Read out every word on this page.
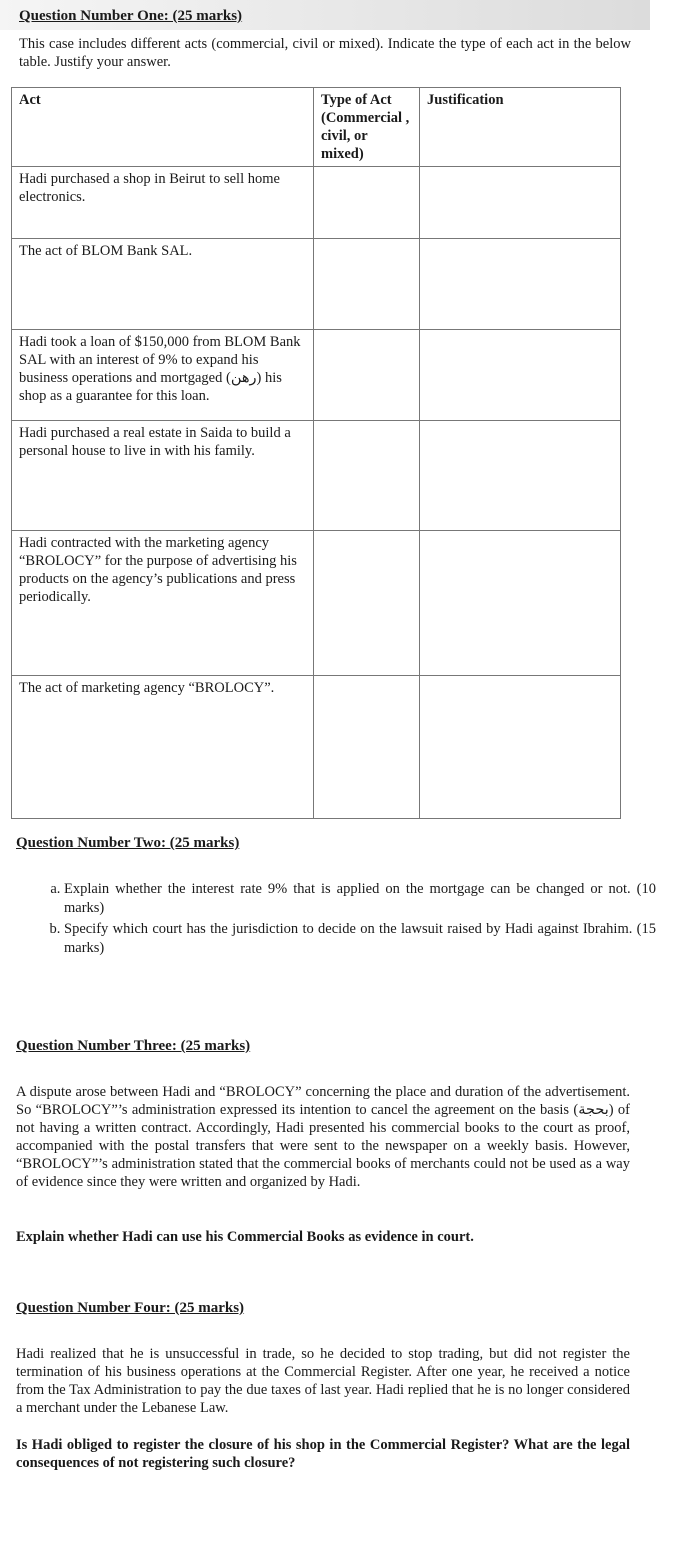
Question Number One: (25 marks)

This case includes different acts (commercial, civil or mixed). Indicate the type of each act in the below table. Justify your answer.

Act	Type of Act (Commercial , civil, or mixed)	Justification
Hadi purchased a shop in Beirut to sell home electronics.		
The act of BLOM Bank SAL.		
Hadi took a loan of $150,000 from BLOM Bank SAL with an interest of 9% to expand his business operations and mortgaged (رهن) his shop as a guarantee for this loan.		
Hadi purchased a real estate in Saida to build a personal house to live in with his family.		
Hadi contracted with the marketing agency “BROLOCY” for the purpose of advertising his products on the agency’s publications and press periodically.		
The act of marketing agency “BROLOCY”.		

Question Number Two: (25 marks)

a. Explain whether the interest rate 9% that is applied on the mortgage can be changed or not. (10 marks)
b. Specify which court has the jurisdiction to decide on the lawsuit raised by Hadi against Ibrahim. (15 marks)

Question Number Three: (25 marks)

A dispute arose between Hadi and “BROLOCY” concerning the place and duration of the advertisement. So “BROLOCY”’s administration expressed its intention to cancel the agreement on the basis (بحجة) of not having a written contract. Accordingly, Hadi presented his commercial books to the court as proof, accompanied with the postal transfers that were sent to the newspaper on a weekly basis. However, “BROLOCY”’s administration stated that the commercial books of merchants could not be used as a way of evidence since they were written and organized by Hadi.

Explain whether Hadi can use his Commercial Books as evidence in court.

Question Number Four: (25 marks)

Hadi realized that he is unsuccessful in trade, so he decided to stop trading, but did not register the termination of his business operations at the Commercial Register. After one year, he received a notice from the Tax Administration to pay the due taxes of last year. Hadi replied that he is no longer considered a merchant under the Lebanese Law.

Is Hadi obliged to register the closure of his shop in the Commercial Register? What are the legal consequences of not registering such closure?
